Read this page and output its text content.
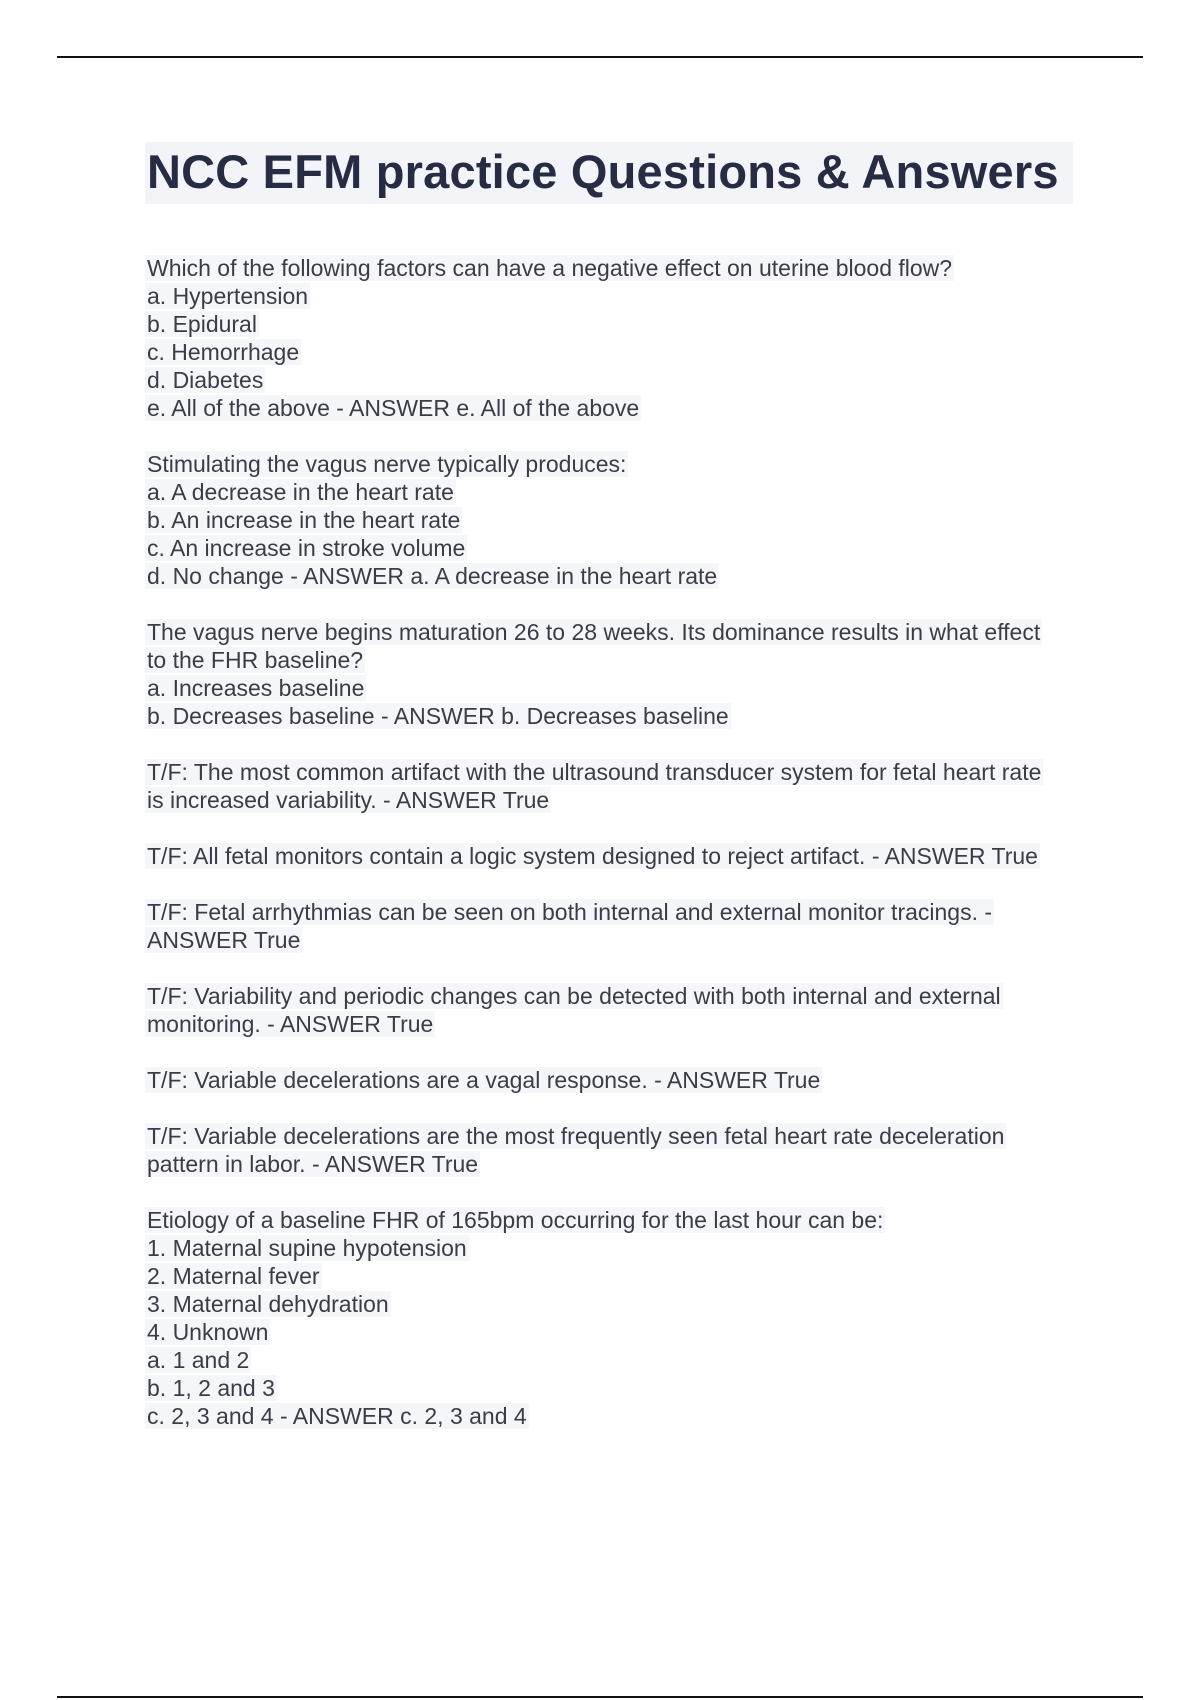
NCC EFM practice Questions & Answers
Which of the following factors can have a negative effect on uterine blood flow?
a. Hypertension
b. Epidural
c. Hemorrhage
d. Diabetes
e. All of the above - ANSWER e. All of the above
Stimulating the vagus nerve typically produces:
a. A decrease in the heart rate
b. An increase in the heart rate
c. An increase in stroke volume
d. No change - ANSWER a. A decrease in the heart rate
The vagus nerve begins maturation 26 to 28 weeks. Its dominance results in what effect
to the FHR baseline?
a. Increases baseline
b. Decreases baseline - ANSWER b. Decreases baseline
T/F: The most common artifact with the ultrasound transducer system for fetal heart rate
is increased variability. - ANSWER True
T/F: All fetal monitors contain a logic system designed to reject artifact. - ANSWER True
T/F: Fetal arrhythmias can be seen on both internal and external monitor tracings. -
ANSWER True
T/F: Variability and periodic changes can be detected with both internal and external
monitoring. - ANSWER True
T/F: Variable decelerations are a vagal response. - ANSWER True
T/F: Variable decelerations are the most frequently seen fetal heart rate deceleration
pattern in labor. - ANSWER True
Etiology of a baseline FHR of 165bpm occurring for the last hour can be:
1. Maternal supine hypotension
2. Maternal fever
3. Maternal dehydration
4. Unknown
a. 1 and 2
b. 1, 2 and 3
c. 2, 3 and 4 - ANSWER c. 2, 3 and 4
